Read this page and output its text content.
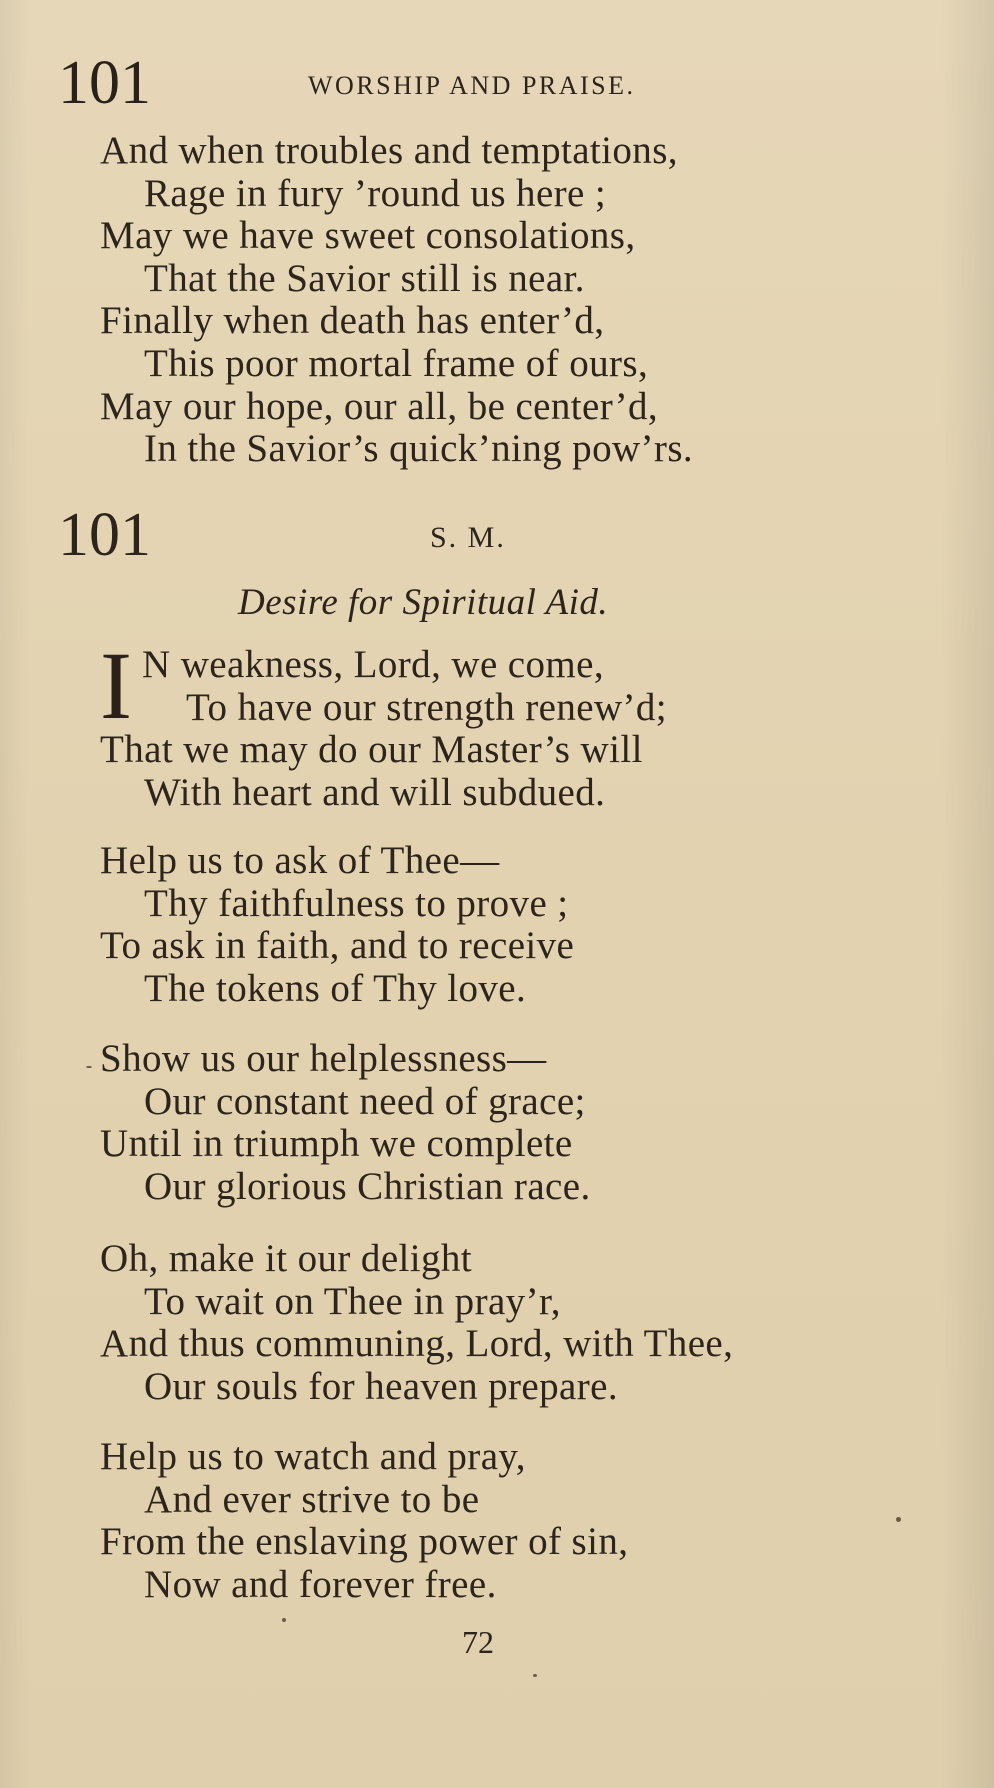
101	WORSHIP AND PRAISE.
And when troubles and temptations,
Rage in fury ’round us here ;
May we have sweet consolations,
That the Savior still is near.
Finally when death has enter’d,
This poor mortal frame of ours,
May our hope, our all, be center’d,
In the Savior’s quick’ning pow’rs.
101	S. M.
Desire for Spiritual Aid.
I N weakness, Lord, we come,
To have our strength renew’d;
That we may do our Master’s will
With heart and will subdued.
Help us to ask of Thee—
Thy faithfulness to prove ;
To ask in faith, and to receive
The tokens of Thy love.
Show us our helplessness—
Our constant need of grace;
Until in triumph we complete
Our glorious Christian race.
Oh, make it our delight
To wait on Thee in pray’r,
And thus communing, Lord, with Thee,
Our souls for heaven prepare.
Help us to watch and pray,
And ever strive to be
From the enslaving power of sin,
Now and forever free.
72
